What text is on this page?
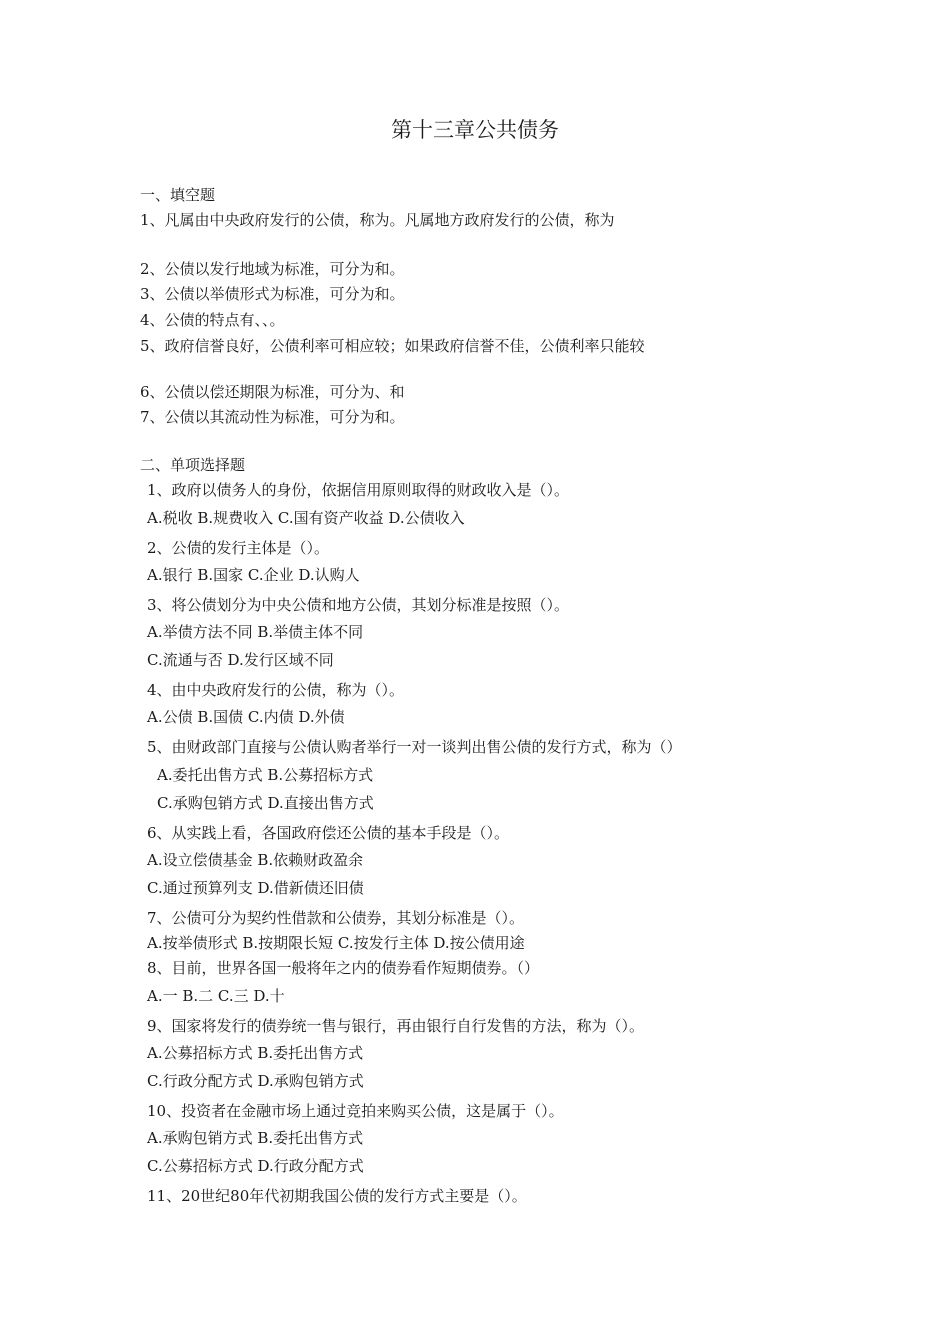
第十三章公共债务
一、填空题
1、凡属由中央政府发行的公债，称为。凡属地方政府发行的公债，称为
2、公债以发行地域为标准，可分为和。
3、公债以举债形式为标准，可分为和。
4、公债的特点有、、。
5、政府信誉良好，公债利率可相应较；如果政府信誉不佳，公债利率只能较
6、公债以偿还期限为标准，可分为、和
7、公债以其流动性为标准，可分为和。
二、单项选择题
1、政府以债务人的身份，依据信用原则取得的财政收入是（）。
A.税收 B.规费收入 C.国有资产收益 D.公债收入
2、公债的发行主体是（）。
A.银行 B.国家 C.企业 D.认购人
3、将公债划分为中央公债和地方公债，其划分标准是按照（）。
A.举债方法不同 B.举债主体不同
C.流通与否 D.发行区域不同
4、由中央政府发行的公债，称为（）。
A.公债 B.国债 C.内债 D.外债
5、由财政部门直接与公债认购者举行一对一谈判出售公债的发行方式，称为（）
A.委托出售方式 B.公募招标方式
C.承购包销方式 D.直接出售方式
6、从实践上看，各国政府偿还公债的基本手段是（）。
A.设立偿债基金 B.依赖财政盈余
C.通过预算列支 D.借新债还旧债
7、公债可分为契约性借款和公债券，其划分标准是（）。
A.按举债形式 B.按期限长短 C.按发行主体 D.按公债用途
8、目前，世界各国一般将年之内的债券看作短期债券。（）
A.一 B.二 C.三 D.十
9、国家将发行的债券统一售与银行，再由银行自行发售的方法，称为（）。
A.公募招标方式 B.委托出售方式
C.行政分配方式 D.承购包销方式
10、投资者在金融市场上通过竞拍来购买公债，这是属于（）。
A.承购包销方式 B.委托出售方式
C.公募招标方式 D.行政分配方式
11、20世纪80年代初期我国公债的发行方式主要是（）。
